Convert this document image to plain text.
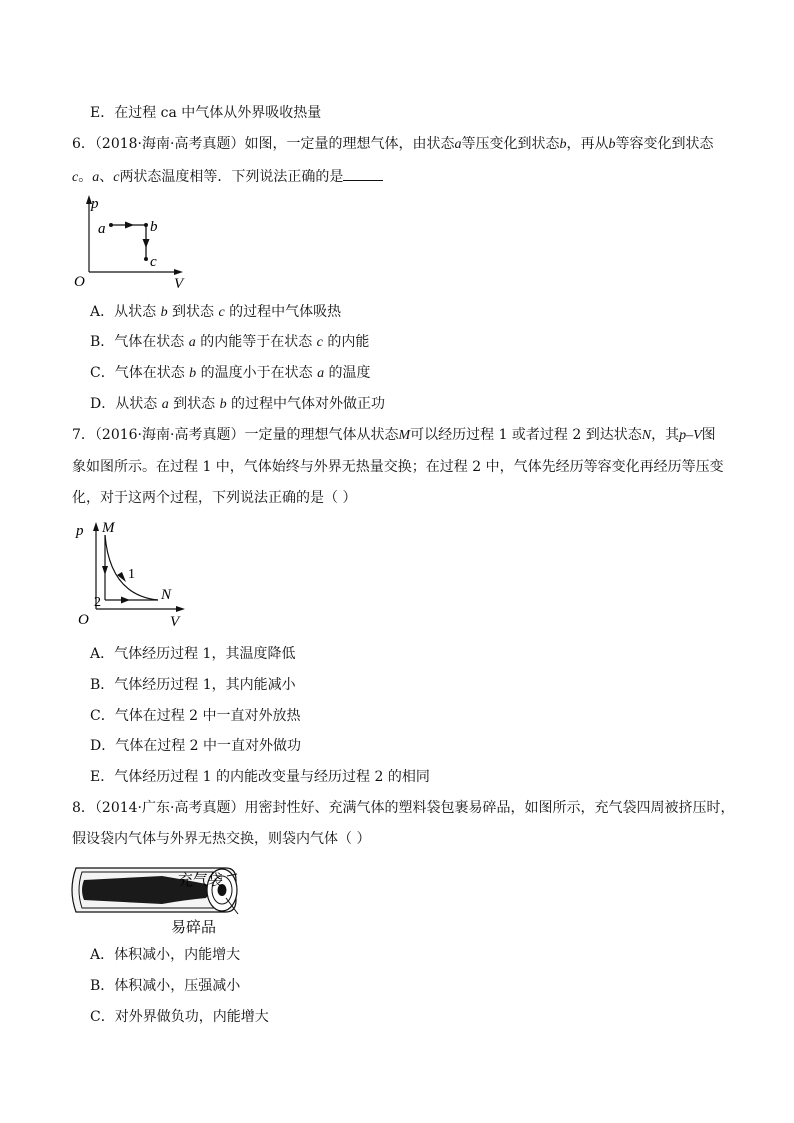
E．在过程 ca 中气体从外界吸收热量
6．（2018·海南·高考真题）如图，一定量的理想气体，由状态a等压变化到状态b，再从b等容变化到状态
c。a、c两状态温度相等．下列说法正确的是
p
V
O
a	b
c
A．从状态 b 到状态 c 的过程中气体吸热
B．气体在状态 a 的内能等于在状态 c 的内能
C．气体在状态 b 的温度小于在状态 a 的温度
D．从状态 a 到状态 b 的过程中气体对外做正功
7．（2016·海南·高考真题）一定量的理想气体从状态M可以经历过程 1 或者过程 2 到达状态N，其p–V图
象如图所示。在过程 1 中，气体始终与外界无热量交换；在过程 2 中，气体先经历等容变化再经历等压变
化，对于这两个过程，下列说法正确的是（ ）
p
V
O
M
N
1
2
A．气体经历过程 1，其温度降低
B．气体经历过程 1，其内能减小
C．气体在过程 2 中一直对外放热
D．气体在过程 2 中一直对外做功
E．气体经历过程 1 的内能改变量与经历过程 2 的相同
8．（2014·广东·高考真题）用密封性好、充满气体的塑料袋包裹易碎品，如图所示，充气袋四周被挤压时，
假设袋内气体与外界无热交换，则袋内气体（ ）
充气袋
易碎品
A．体积减小，内能增大
B．体积减小，压强减小
C．对外界做负功，内能增大
